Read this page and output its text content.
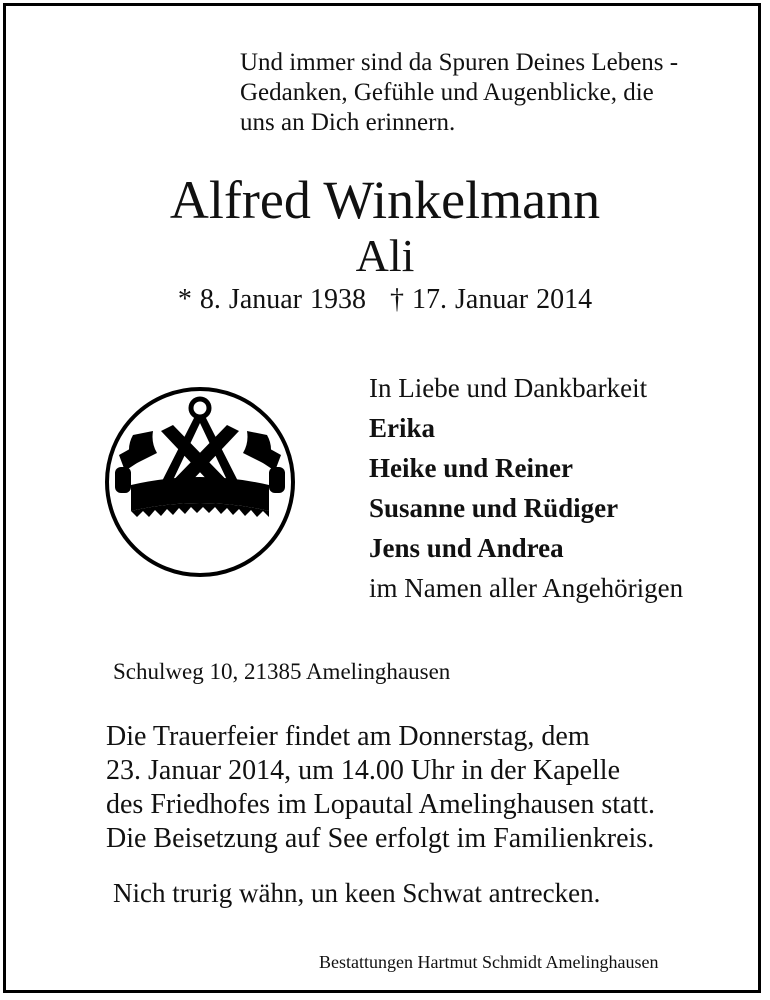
Und immer sind da Spuren Deines Lebens -
Gedanken, Gefühle und Augenblicke, die
uns an Dich erinnern.
Alfred Winkelmann
Ali
* 8. Januar 1938 † 17. Januar 2014
In Liebe und Dankbarkeit
Erika
Heike und Reiner
Susanne und Rüdiger
Jens und Andrea
im Namen aller Angehörigen
Schulweg 10, 21385 Amelinghausen
Die Trauerfeier findet am Donnerstag, dem
23. Januar 2014, um 14.00 Uhr in der Kapelle
des Friedhofes im Lopautal Amelinghausen statt.
Die Beisetzung auf See erfolgt im Familienkreis.
Nich trurig wähn, un keen Schwat antrecken.
Bestattungen Hartmut Schmidt Amelinghausen
